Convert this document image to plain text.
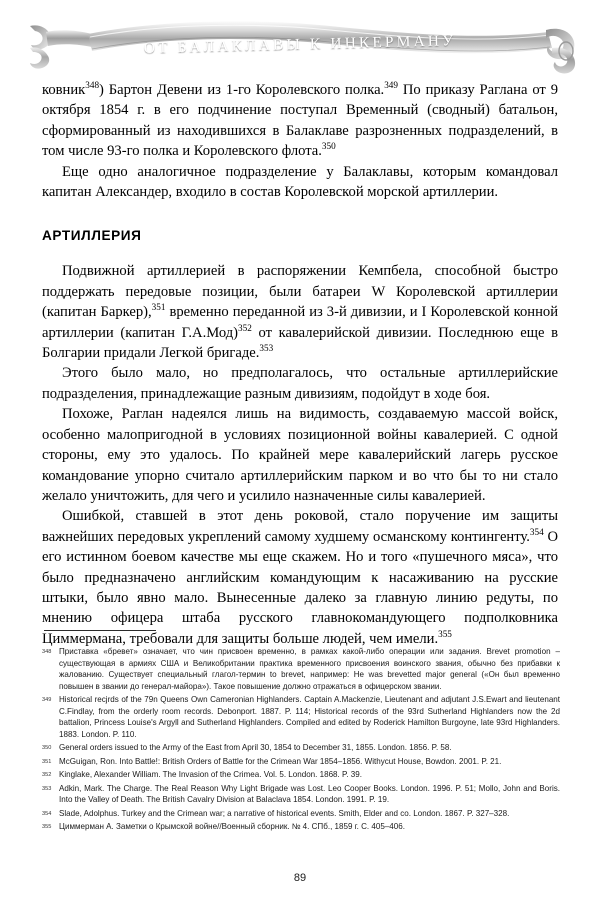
ОТ БАЛАКЛАВЫ К ИНКЕРМАНУ

ковник$^{348}$) Бартон Девени из 1-го Королевского полка.$^{349}$ По приказу Раглана от 9 октября 1854 г. в его подчинение поступал Временный (сводный) батальон, сформированный из находившихся в Балаклаве разрозненных подразделений, в том числе 93-го полка и Королевского флота.$^{350}$

Еще одно аналогичное подразделение у Балаклавы, которым командовал капитан Александер, входило в состав Королевской морской артиллерии.

АРТИЛЛЕРИЯ

Подвижной артиллерией в распоряжении Кемпбела, способной быстро поддержать передовые позиции, были батареи W Королевской артиллерии (капитан Баркер),$^{351}$ временно переданной из 3-й дивизии, и I Королевской конной артиллерии (капитан Г.А.Мод)$^{352}$ от кавалерийской дивизии. Последнюю еще в Болгарии придали Легкой бригаде.$^{353}$

Этого было мало, но предполагалось, что остальные артиллерийские подразделения, принадлежащие разным дивизиям, подойдут в ходе боя.

Похоже, Раглан надеялся лишь на видимость, создаваемую массой войск, особенно малопригодной в условиях позиционной войны кавалерией. С одной стороны, ему это удалось. По крайней мере кавалерийский лагерь русское командование упорно считало артиллерийским парком и во что бы то ни стало желало уничтожить, для чего и усилило назначенные силы кавалерией.

Ошибкой, ставшей в этот день роковой, стало поручение им защиты важнейших передовых укреплений самому худшему османскому контингенту.$^{354}$ О его истинном боевом качестве мы еще скажем. Но и того «пушечного мяса», что было предназначено английским командующим к насаживанию на русские штыки, было явно мало. Вынесенные далеко за главную линию редуты, по мнению офицера штаба русского главнокомандующего подполковника Циммермана, требовали для защиты больше людей, чем имели.$^{355}$

348 Приставка «бревет» означает, что чин присвоен временно, в рамках какой-либо операции или задания. Brevet promotion – существующая в армиях США и Великобритании практика временного присвоения воинского звания, обычно без прибавки к жалованию. Существует специальный глагол-термин to brevet, например: He was brevetted major general («Он был временно повышен в звании до генерал-майора»). Такое повышение должно отражаться в офицерском звании.
349 Historical recjrds of the 79n Queens Own Cameronian Highlanders. Captain A.Mackenzie, Lieutenant and adjutant J.S.Ewart and lieutenant C.Findlay, from the orderly room records. Debonport. 1887. P. 114; Historical records of the 93rd Sutherland Highlanders now the 2d battalion, Princess Louise's Argyll and Sutherland Highlanders. Compiled and edited by Roderick Hamilton Burgoyne, late 93rd Highlanders. 1883. London. P. 110.
350 General orders issued to the Army of the East from April 30, 1854 to December 31, 1855. London. 1856. P. 58.
351 McGuigan, Ron. Into Battle!: British Orders of Battle for the Crimean War 1854–1856. Withycut House, Bowdon. 2001. P. 21.
352 Kinglake, Alexander William. The Invasion of the Crimea. Vol. 5. London. 1868. P. 39.
353 Adkin, Mark. The Charge. The Real Reason Why Light Brigade was Lost. Leo Cooper Books. London. 1996. P. 51; Mollo, John and Boris. Into the Valley of Death. The British Cavalry Division at Balaclava 1854. London. 1991. P. 19.
354 Slade, Adolphus. Turkey and the Crimean war; a narrative of historical events. Smith, Elder and co. London. 1867. P. 327–328.
355 Циммерман А. Заметки о Крымской войне//Военный сборник. № 4. СПб., 1859 г. С. 405–406.
89
